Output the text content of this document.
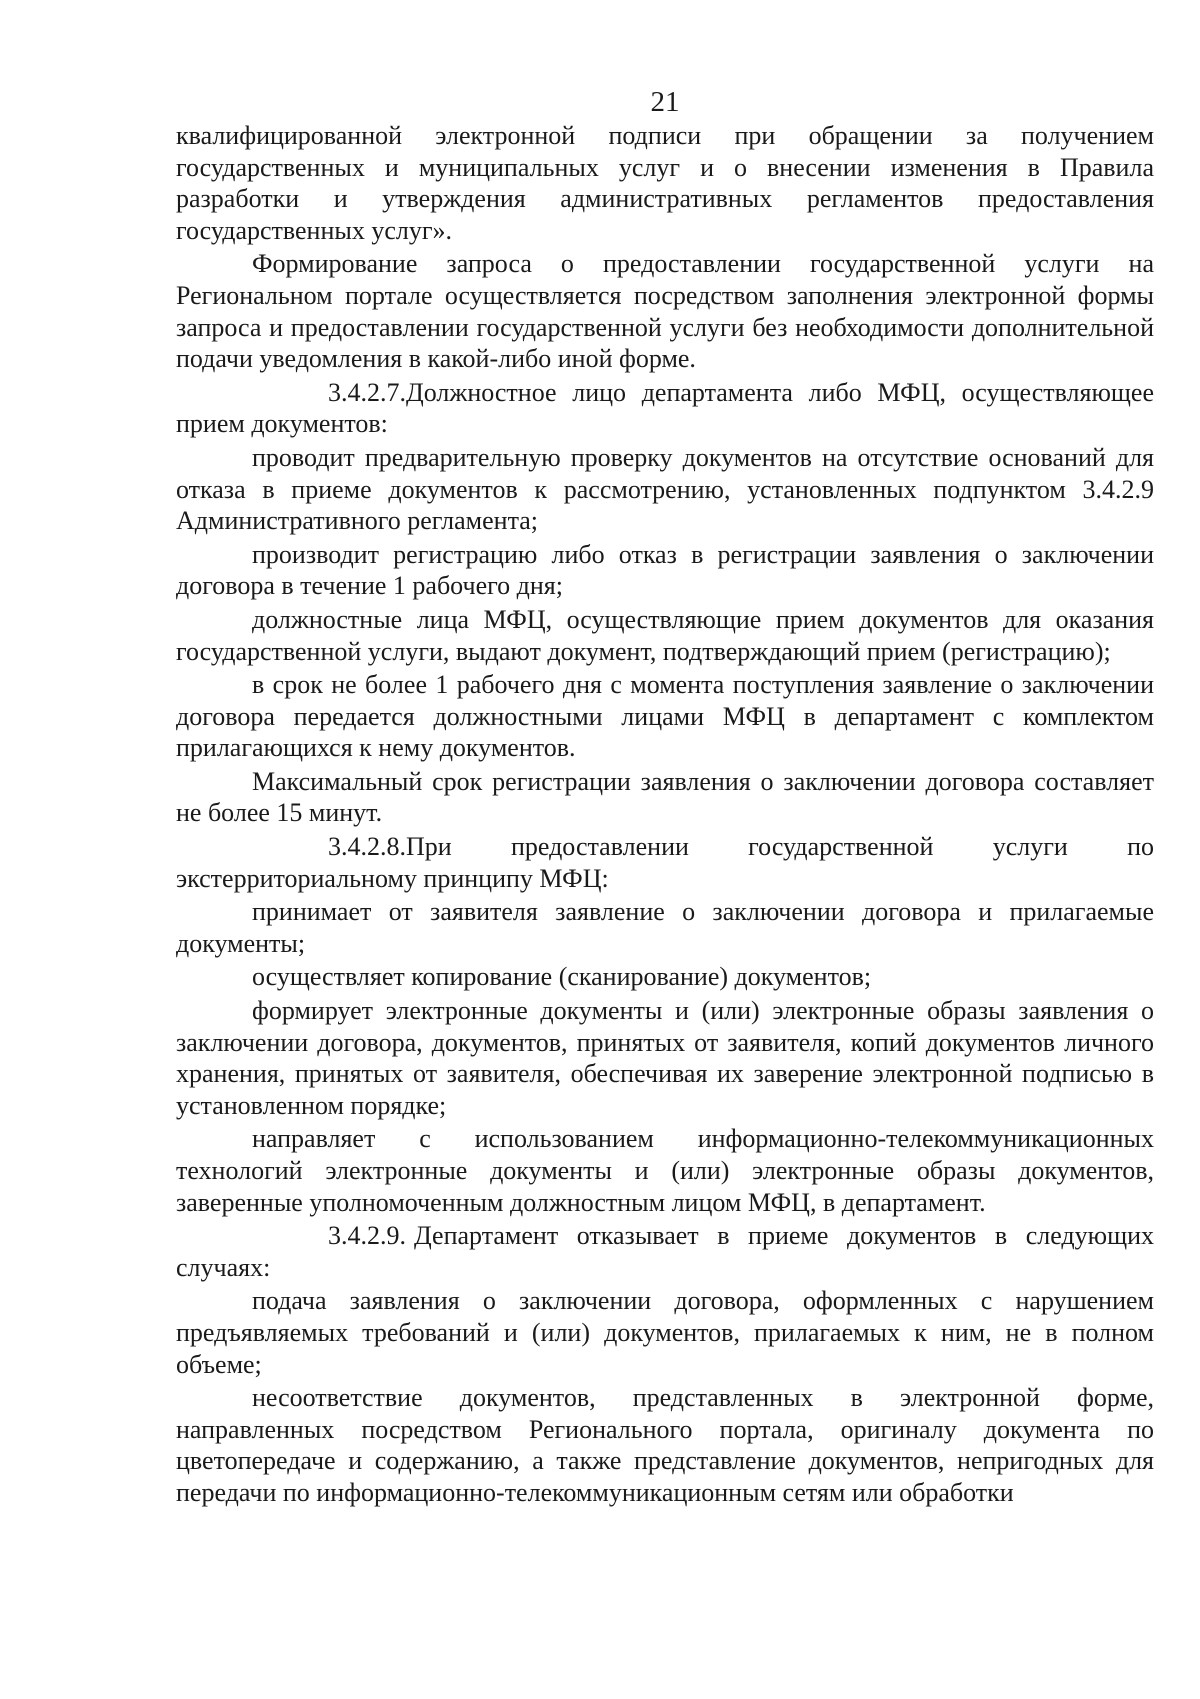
21

квалифицированной электронной подписи при обращении за получением государственных и муниципальных услуг и о внесении изменения в Правила разработки и утверждения административных регламентов предоставления государственных услуг».

Формирование запроса о предоставлении государственной услуги на Региональном портале осуществляется посредством заполнения электронной формы запроса и предоставлении государственной услуги без необходимости дополнительной подачи уведомления в какой-либо иной форме.

3.4.2.7.Должностное лицо департамента либо МФЦ, осуществляющее прием документов:

проводит предварительную проверку документов на отсутствие оснований для отказа в приеме документов к рассмотрению, установленных подпунктом 3.4.2.9 Административного регламента;

производит регистрацию либо отказ в регистрации заявления о заключении договора в течение 1 рабочего дня;

должностные лица МФЦ, осуществляющие прием документов для оказания государственной услуги, выдают документ, подтверждающий прием (регистрацию);

в срок не более 1 рабочего дня с момента поступления заявление о заключении договора передается должностными лицами МФЦ в департамент с комплектом прилагающихся к нему документов.

Максимальный срок регистрации заявления о заключении договора составляет не более 15 минут.

3.4.2.8.При предоставлении государственной услуги по экстерриториальному принципу МФЦ:

принимает от заявителя заявление о заключении договора и прилагаемые документы;

осуществляет копирование (сканирование) документов;

формирует электронные документы и (или) электронные образы заявления о заключении договора, документов, принятых от заявителя, копий документов личного хранения, принятых от заявителя, обеспечивая их заверение электронной подписью в установленном порядке;

направляет с использованием информационно-телекоммуникационных технологий электронные документы и (или) электронные образы документов, заверенные уполномоченным должностным лицом МФЦ, в департамент.

3.4.2.9. Департамент отказывает в приеме документов в следующих случаях:

подача заявления о заключении договора, оформленных с нарушением предъявляемых требований и (или) документов, прилагаемых к ним, не в полном объеме;

несоответствие документов, представленных в электронной форме, направленных посредством Регионального портала, оригиналу документа по цветопередаче и содержанию, а также представление документов, непригодных для передачи по информационно-телекоммуникационным сетям или обработки
